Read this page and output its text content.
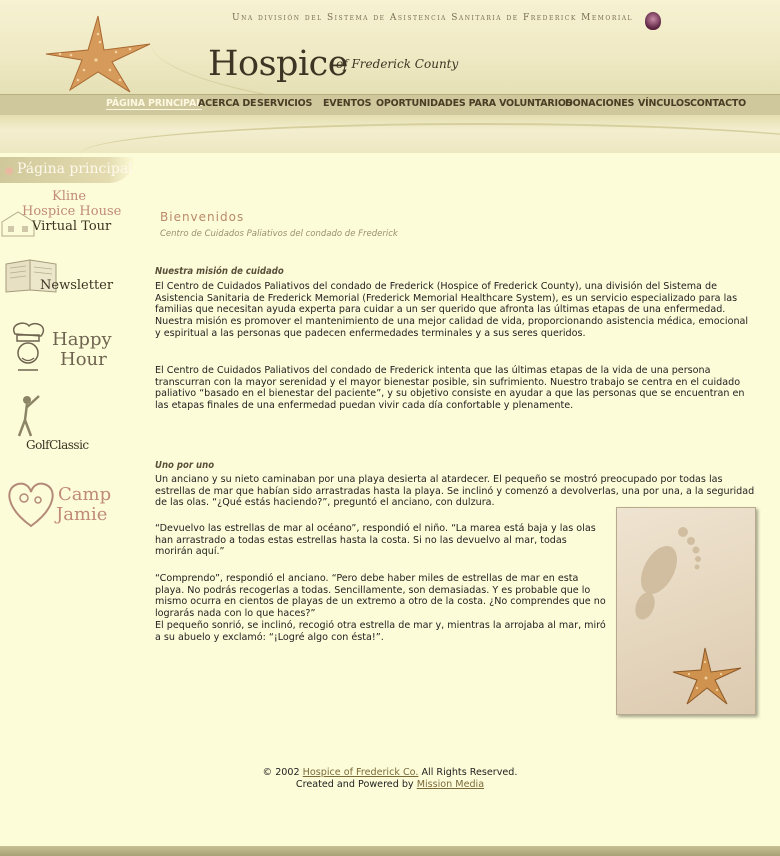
Una división del Sistema de Asistencia Sanitaria de Frederick Memorial
Hospice
of Frederick County
PÁGINA PRINCIPAL
ACERCA DE SERVICIOS EVENTOS OPORTUNIDADES PARA VOLUNTARIOS
DONACIONES VÍNCULOS CONTACTO
Página principal
Kline
Hospice House
Virtual Tour
Newsletter
Happy
Hour
GolfClassic
Camp
Jamie
Bienvenidos
Centro de Cuidados Paliativos del condado de Frederick
Nuestra misión de cuidado
El Centro de Cuidados Paliativos del condado de Frederick (Hospice of Frederick County), una división del Sistema de Asistencia Sanitaria de Frederick Memorial (Frederick Memorial Healthcare System), es un servicio especializado para las familias que necesitan ayuda experta para cuidar a un ser querido que afronta las últimas etapas de una enfermedad. Nuestra misión es promover el mantenimiento de una mejor calidad de vida, proporcionando asistencia médica, emocional y espiritual a las personas que padecen enfermedades terminales y a sus seres queridos.
El Centro de Cuidados Paliativos del condado de Frederick intenta que las últimas etapas de la vida de una persona transcurran con la mayor serenidad y el mayor bienestar posible, sin sufrimiento. Nuestro trabajo se centra en el cuidado paliativo “basado en el bienestar del paciente”, y su objetivo consiste en ayudar a que las personas que se encuentran en las etapas finales de una enfermedad puedan vivir cada día confortable y plenamente.
Uno por uno
Un anciano y su nieto caminaban por una playa desierta al atardecer. El pequeño se mostró preocupado por todas las estrellas de mar que habían sido arrastradas hasta la playa. Se inclinó y comenzó a devolverlas, una por una, a la seguridad de las olas. “¿Qué estás haciendo?”, preguntó el anciano, con dulzura.
“Devuelvo las estrellas de mar al océano”, respondió el niño. “La marea está baja y las olas han arrastrado a todas estas estrellas hasta la costa. Si no las devuelvo al mar, todas morirán aquí.”
“Comprendo”, respondió el anciano. “Pero debe haber miles de estrellas de mar en esta playa. No podrás recogerlas a todas. Sencillamente, son demasiadas. Y es probable que lo mismo ocurra en cientos de playas de un extremo a otro de la costa. ¿No comprendes que no lograrás nada con lo que haces?”
El pequeño sonrió, se inclinó, recogió otra estrella de mar y, mientras la arrojaba al mar, miró a su abuelo y exclamó: “¡Logré algo con ésta!”.
© 2002 Hospice of Frederick Co. All Rights Reserved.
Created and Powered by Mission Media
